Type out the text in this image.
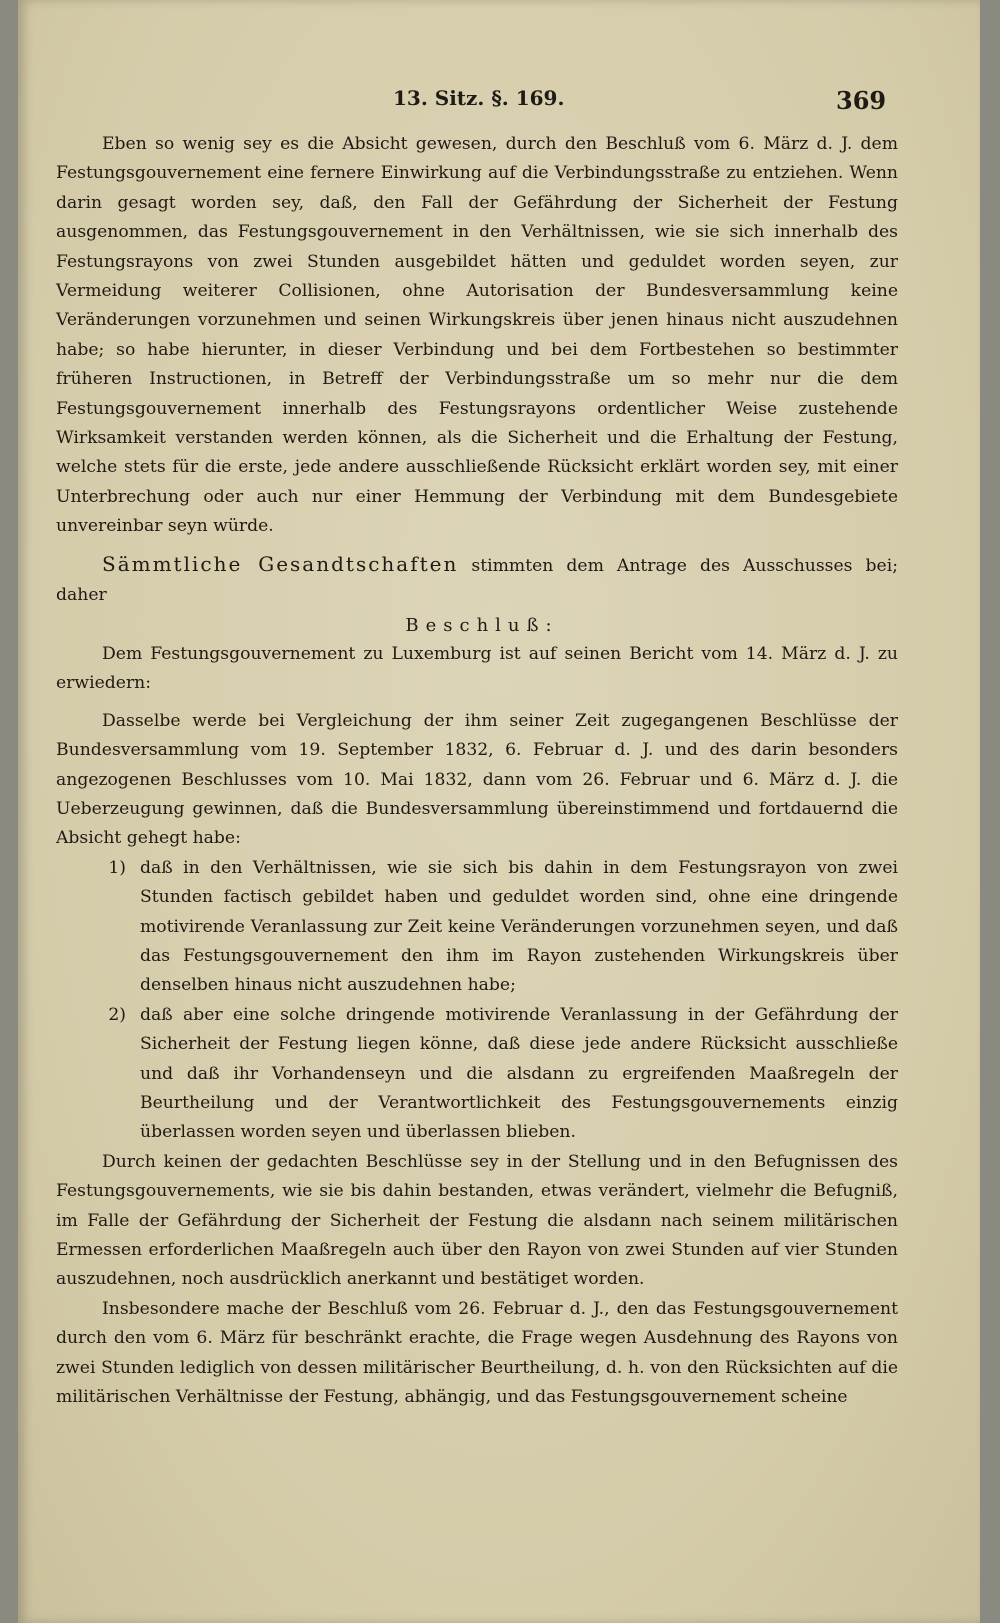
13. Sitz. §. 169.	369

Eben so wenig sey es die Absicht gewesen, durch den Beschluß vom 6. März d. J. dem Festungsgouvernement eine fernere Einwirkung auf die Verbindungsstraße zu entziehen. Wenn darin gesagt worden sey, daß, den Fall der Gefährdung der Sicherheit der Festung ausgenommen, das Festungsgouvernement in den Verhältnissen, wie sie sich innerhalb des Festungsrayons von zwei Stunden ausgebildet hätten und geduldet worden seyen, zur Vermeidung weiterer Collisionen, ohne Autorisation der Bundesversammlung keine Veränderungen vorzunehmen und seinen Wirkungskreis über jenen hinaus nicht auszudehnen habe; so habe hierunter, in dieser Verbindung und bei dem Fortbestehen so bestimmter früheren Instructionen, in Betreff der Verbindungsstraße um so mehr nur die dem Festungsgouvernement innerhalb des Festungsrayons ordentlicher Weise zustehende Wirksamkeit verstanden werden können, als die Sicherheit und die Erhaltung der Festung, welche stets für die erste, jede andere ausschließende Rücksicht erklärt worden sey, mit einer Unterbrechung oder auch nur einer Hemmung der Verbindung mit dem Bundesgebiete unvereinbar seyn würde.

Sämmtliche Gesandtschaften stimmten dem Antrage des Ausschusses bei; daher

Beschluß:

Dem Festungsgouvernement zu Luxemburg ist auf seinen Bericht vom 14. März d. J. zu erwiedern:

Dasselbe werde bei Vergleichung der ihm seiner Zeit zugegangenen Beschlüsse der Bundesversammlung vom 19. September 1832, 6. Februar d. J. und des darin besonders angezogenen Beschlusses vom 10. Mai 1832, dann vom 26. Februar und 6. März d. J. die Ueberzeugung gewinnen, daß die Bundesversammlung übereinstimmend und fortdauernd die Absicht gehegt habe:

1) daß in den Verhältnissen, wie sie sich bis dahin in dem Festungsrayon von zwei Stunden factisch gebildet haben und geduldet worden sind, ohne eine dringende motivirende Veranlassung zur Zeit keine Veränderungen vorzunehmen seyen, und daß das Festungsgouvernement den ihm im Rayon zustehenden Wirkungskreis über denselben hinaus nicht auszudehnen habe;
2) daß aber eine solche dringende motivirende Veranlassung in der Gefährdung der Sicherheit der Festung liegen könne, daß diese jede andere Rücksicht ausschließe und daß ihr Vorhandenseyn und die alsdann zu ergreifenden Maaßregeln der Beurtheilung und der Verantwortlichkeit des Festungsgouvernements einzig überlassen worden seyen und überlassen blieben.

Durch keinen der gedachten Beschlüsse sey in der Stellung und in den Befugnissen des Festungsgouvernements, wie sie bis dahin bestanden, etwas verändert, vielmehr die Befugniß, im Falle der Gefährdung der Sicherheit der Festung die alsdann nach seinem militärischen Ermessen erforderlichen Maaßregeln auch über den Rayon von zwei Stunden auf vier Stunden auszudehnen, noch ausdrücklich anerkannt und bestätiget worden.

Insbesondere mache der Beschluß vom 26. Februar d. J., den das Festungsgouvernement durch den vom 6. März für beschränkt erachte, die Frage wegen Ausdehnung des Rayons von zwei Stunden lediglich von dessen militärischer Beurtheilung, d. h. von den Rücksichten auf die militärischen Verhältnisse der Festung, abhängig, und das Festungsgouvernement scheine
